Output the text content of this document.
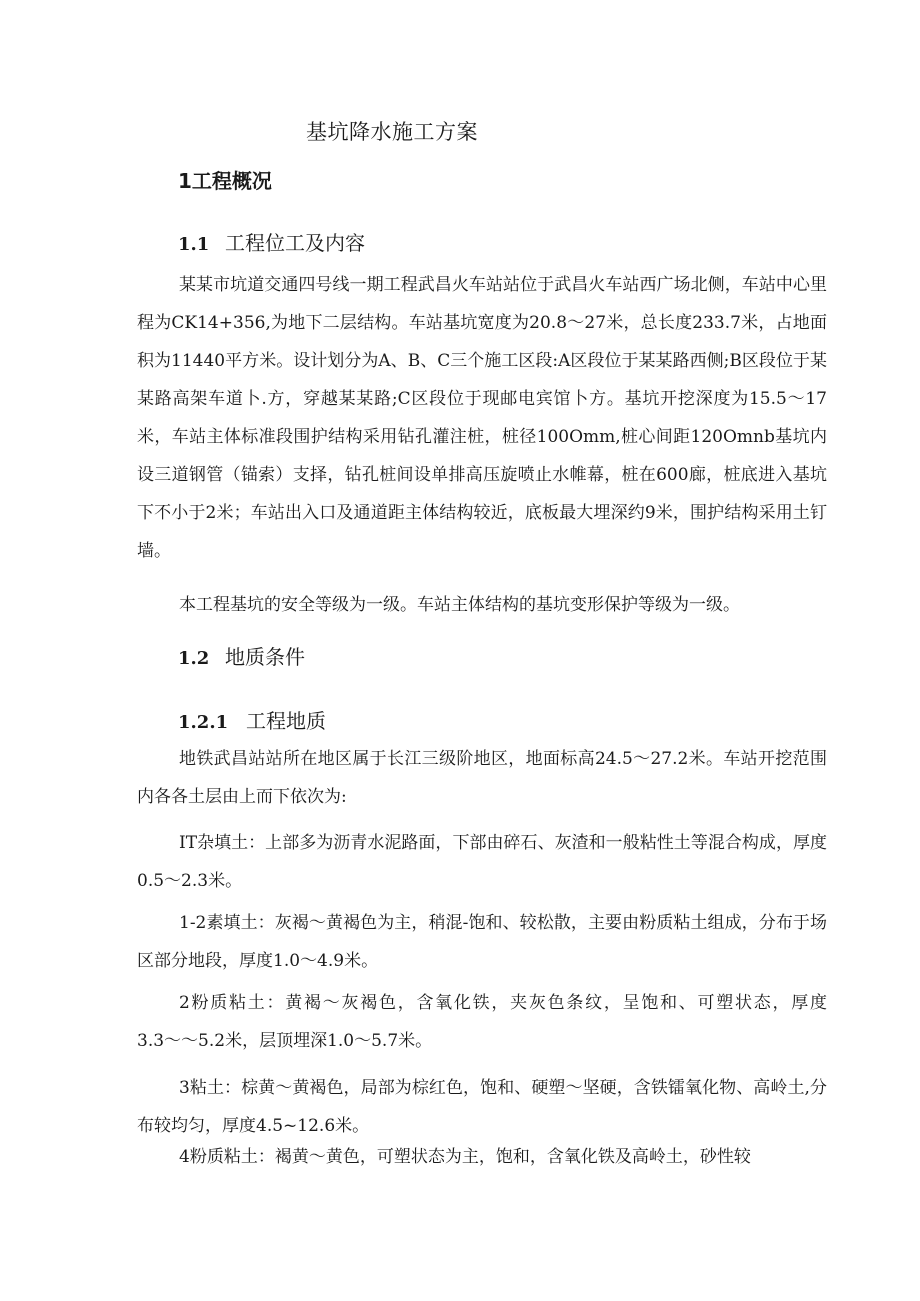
基坑降水施工方案
1工程概况
1.1 工程位工及内容

某某市坑道交通四号线一期工程武昌火车站站位于武昌火车站西广场北侧，车站中心里程为CK14+356,为地下二层结构。车站基坑宽度为20.8〜27米，总长度233.7米，占地面积为11440平方米。设计划分为A、B、C三个施工区段:A区段位于某某路西侧;B区段位于某某路高架车道卜.方，穿越某某路;C区段位于现邮电宾馆卜方。基坑开挖深度为15.5〜17米，车站主体标准段围护结构采用钻孔灌注桩，桩径100Omm,桩心间距120Omnb基坑内设三道钢管（锚索）支择，钻孔桩间设单排高压旋喷止水帷幕，桩在600廊，桩底进入基坑下不小于2米；车站出入口及通道距主体结构较近，底板最大埋深约9米，围护结构采用土钉墙。

本工程基坑的安全等级为一级。车站主体结构的基坑变形保护等级为一级。

1.2 地质条件
1.2.1 工程地质

地铁武昌站站所在地区属于长江三级阶地区，地面标高24.5〜27.2米。车站开挖范围内各各土层由上而下依次为:

IT杂填土：上部多为沥青水泥路面，下部由碎石、灰渣和一般粘性土等混合构成，厚度0.5〜2.3米。

1-2素填土：灰褐〜黄褐色为主，稍混-饱和、较松散，主要由粉质粘土组成，分布于场区部分地段，厚度1.0〜4.9米。

2粉质粘土：黄褐〜灰褐色，含氧化铁，夹灰色条纹，呈饱和、可塑状态，厚度3.3〜〜5.2米，层顶埋深1.0〜5.7米。

3粘土：棕黄〜黄褐色，局部为棕红色，饱和、硬塑〜坚硬，含铁镭氧化物、高岭土,分布较均匀，厚度4.5~12.6米。

4粉质粘土：褐黄〜黄色，可塑状态为主，饱和，含氧化铁及高岭土，砂性较
